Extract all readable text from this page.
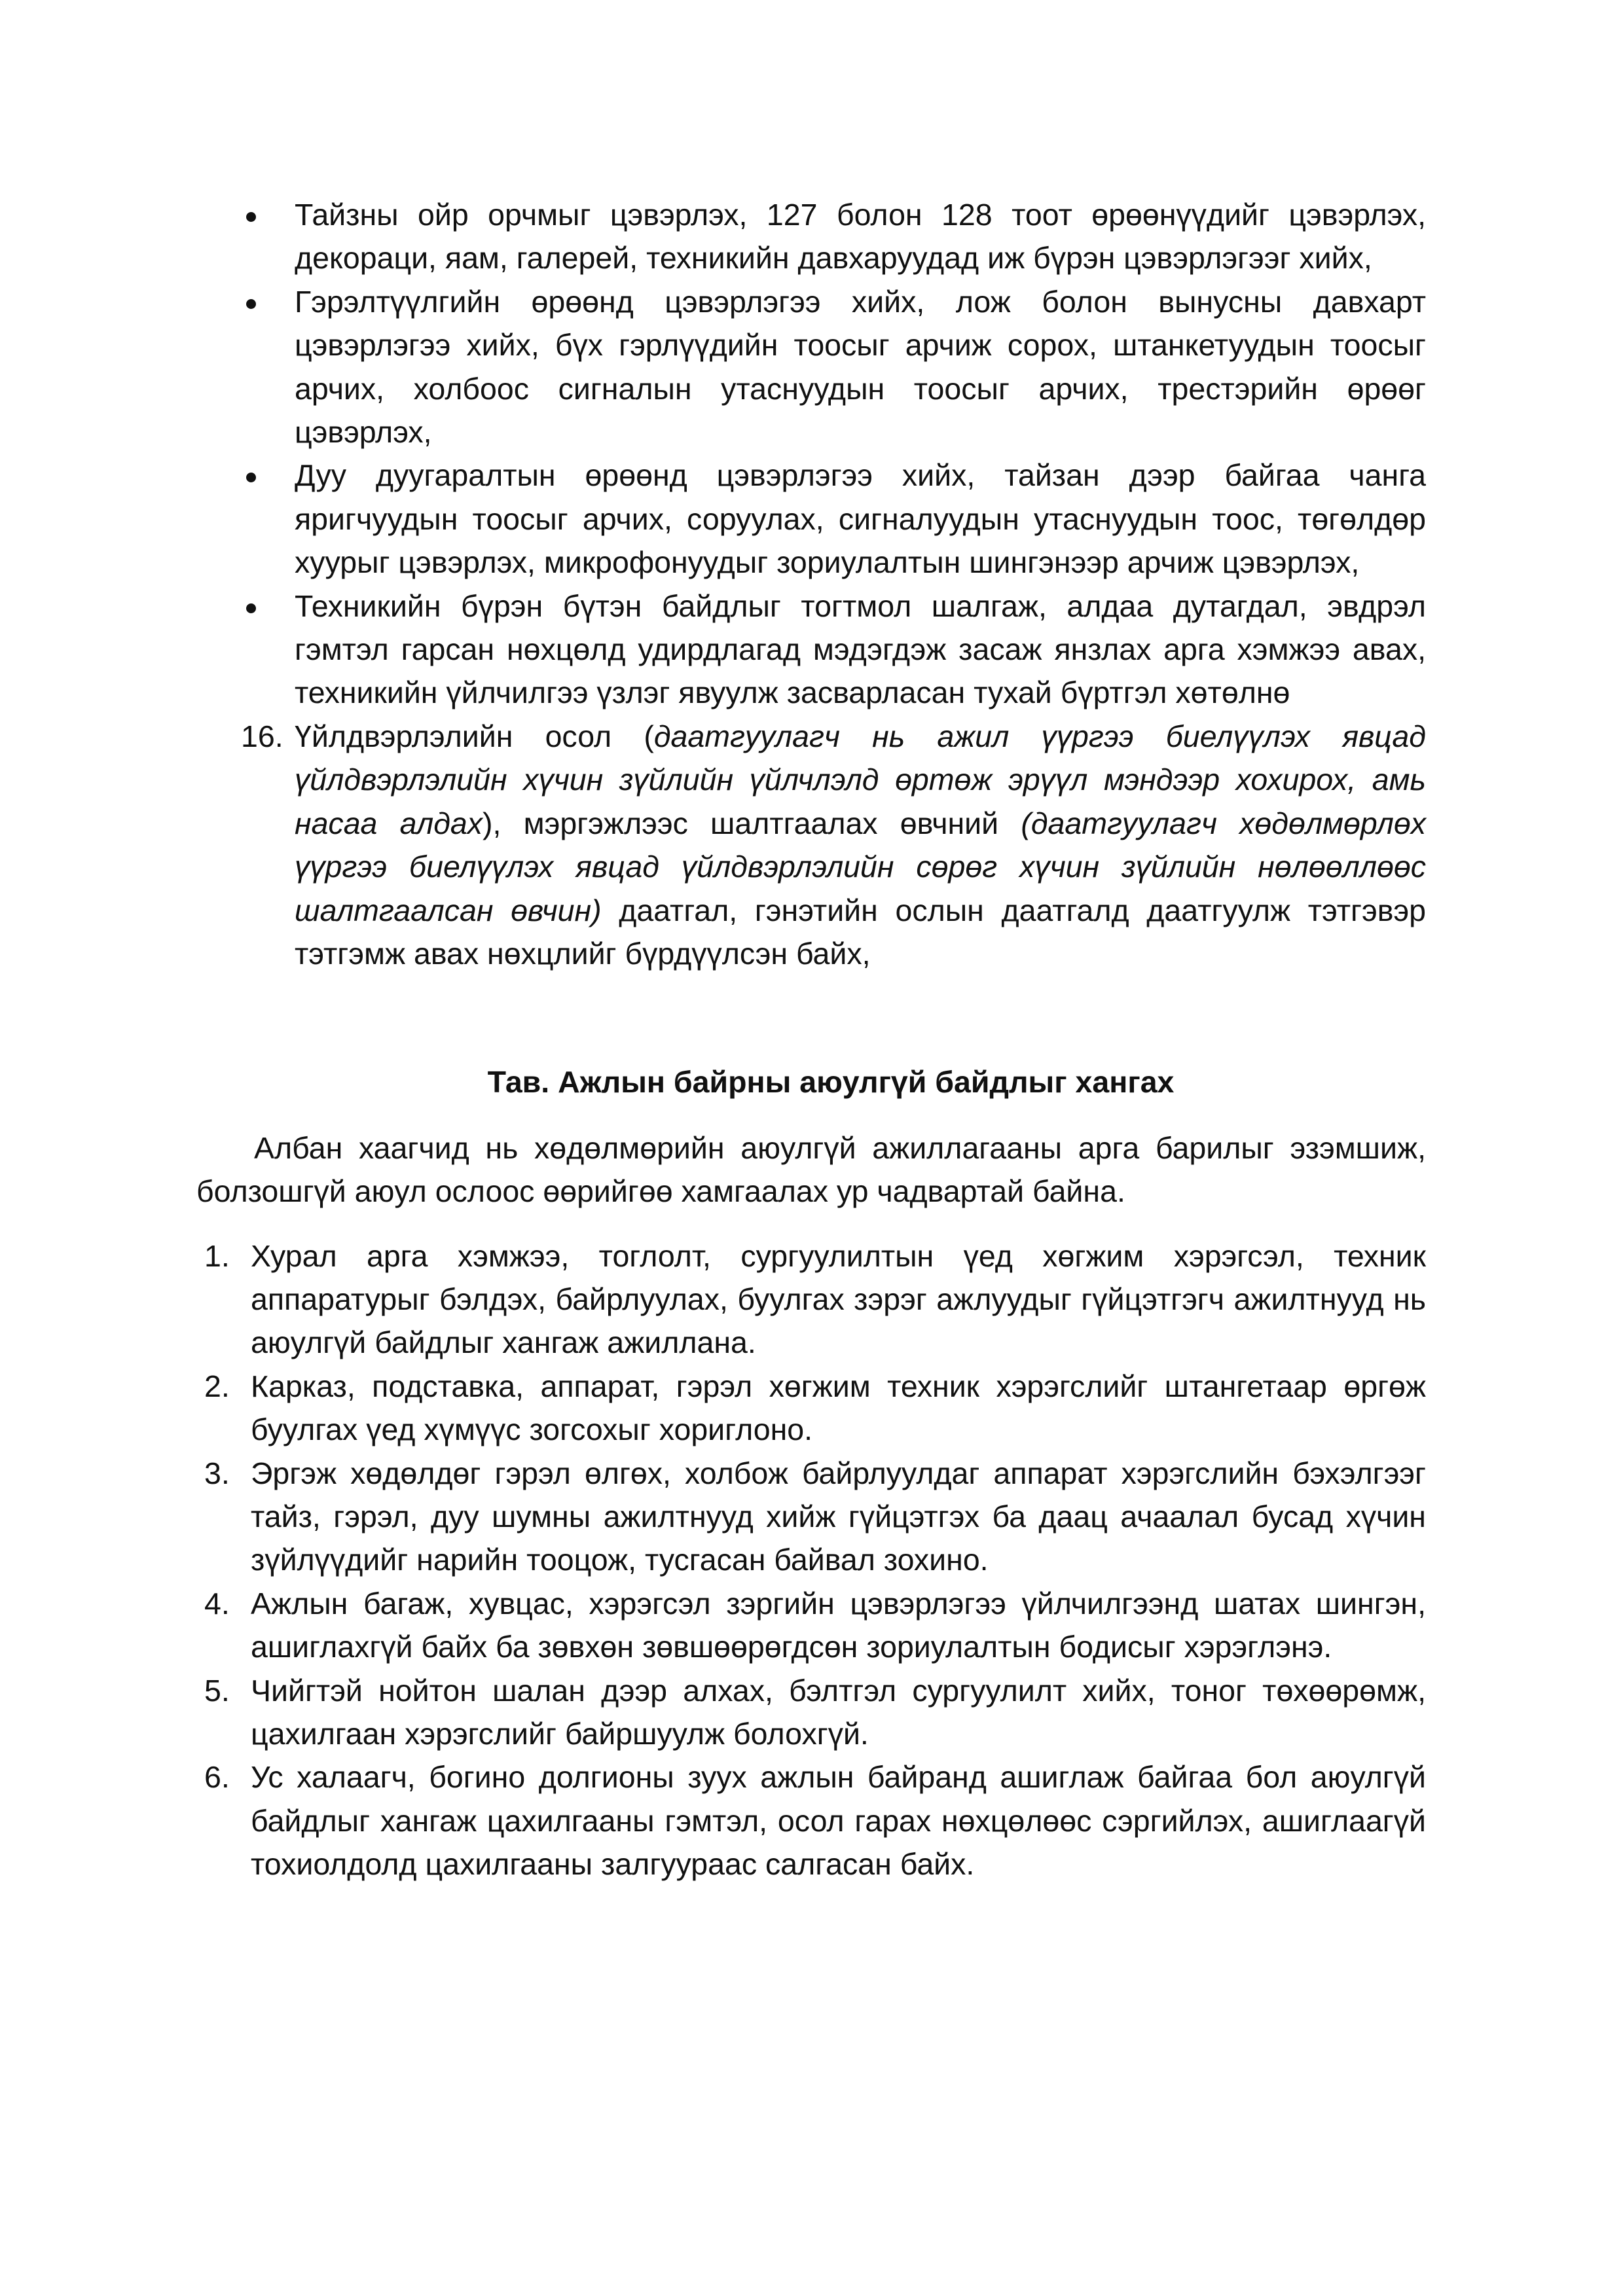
Тайзны ойр орчмыг цэвэрлэх, 127 болон 128 тоот өрөөнүүдийг цэвэрлэх, декораци, яам, галерей, техникийн давхаруудад иж бүрэн цэвэрлэгээг хийх,

Гэрэлтүүлгийн өрөөнд цэвэрлэгээ хийх, лож болон вынусны давхарт цэвэрлэгээ хийх, бүх гэрлүүдийн тоосыг арчиж сорох, штанкетуудын тоосыг арчих, холбоос сигналын утаснуудын тоосыг арчих, трестэрийн өрөөг цэвэрлэх,

Дуу дуугаралтын өрөөнд цэвэрлэгээ хийх, тайзан дээр байгаа чанга яригчуудын тоосыг арчих, соруулах, сигналуудын утаснуудын тоос, төгөлдөр хуурыг цэвэрлэх, микрофонуудыг зориулалтын шингэнээр арчиж цэвэрлэх,

Техникийн бүрэн бүтэн байдлыг тогтмол шалгаж, алдаа дутагдал, эвдрэл гэмтэл гарсан нөхцөлд удирдлагад мэдэгдэж засаж янзлах арга хэмжээ авах, техникийн үйлчилгээ үзлэг явуулж засварласан тухай бүртгэл хөтөлнө

16. Үйлдвэрлэлийн осол (даатгуулагч нь ажил үүргээ биелүүлэх явцад үйлдвэрлэлийн хүчин зүйлийн үйлчлэлд өртөж эрүүл мэндээр хохирох, амь насаа алдах), мэргэжлээс шалтгаалах өвчний (даатгуулагч хөдөлмөрлөх үүргээ биелүүлэх явцад үйлдвэрлэлийн сөрөг хүчин зүйлийн нөлөөллөөс шалтгаалсан өвчин) даатгал, гэнэтийн ослын даатгалд даатгуулж тэтгэвэр тэтгэмж авах нөхцлийг бүрдүүлсэн байх,

Тав. Ажлын байрны аюулгүй байдлыг хангах

Албан хаагчид нь хөдөлмөрийн аюулгүй ажиллагааны арга барилыг эзэмшиж, болзошгүй аюул ослоос өөрийгөө хамгаалах ур чадвартай байна.

1. Хурал арга хэмжээ, тоглолт, сургуулилтын үед хөгжим хэрэгсэл, техник аппаратурыг бэлдэх, байрлуулах, буулгах зэрэг ажлуудыг гүйцэтгэгч ажилтнууд нь аюулгүй байдлыг хангаж ажиллана.

2. Карказ, подставка, аппарат, гэрэл хөгжим техник хэрэгслийг штангетаар өргөж буулгах үед хүмүүс зогсохыг хориглоно.

3. Эргэж хөдөлдөг гэрэл өлгөх, холбож байрлуулдаг аппарат хэрэгслийн бэхэлгээг тайз, гэрэл, дуу шумны ажилтнууд хийж гүйцэтгэх ба даац ачаалал бусад хүчин зүйлүүдийг нарийн тооцож, тусгасан байвал зохино.

4. Ажлын багаж, хувцас, хэрэгсэл зэргийн цэвэрлэгээ үйлчилгээнд шатах шингэн, ашиглахгүй байх ба зөвхөн зөвшөөрөгдсөн зориулалтын бодисыг хэрэглэнэ.

5. Чийгтэй нойтон шалан дээр алхах, бэлтгэл сургуулилт хийх, тоног төхөөрөмж, цахилгаан хэрэгслийг байршуулж болохгүй.

6. Ус халаагч, богино долгионы зуух ажлын байранд ашиглаж байгаа бол аюулгүй байдлыг хангаж цахилгааны гэмтэл, осол гарах нөхцөлөөс сэргийлэх, ашиглаагүй тохиолдолд цахилгааны залгуураас салгасан байх.
